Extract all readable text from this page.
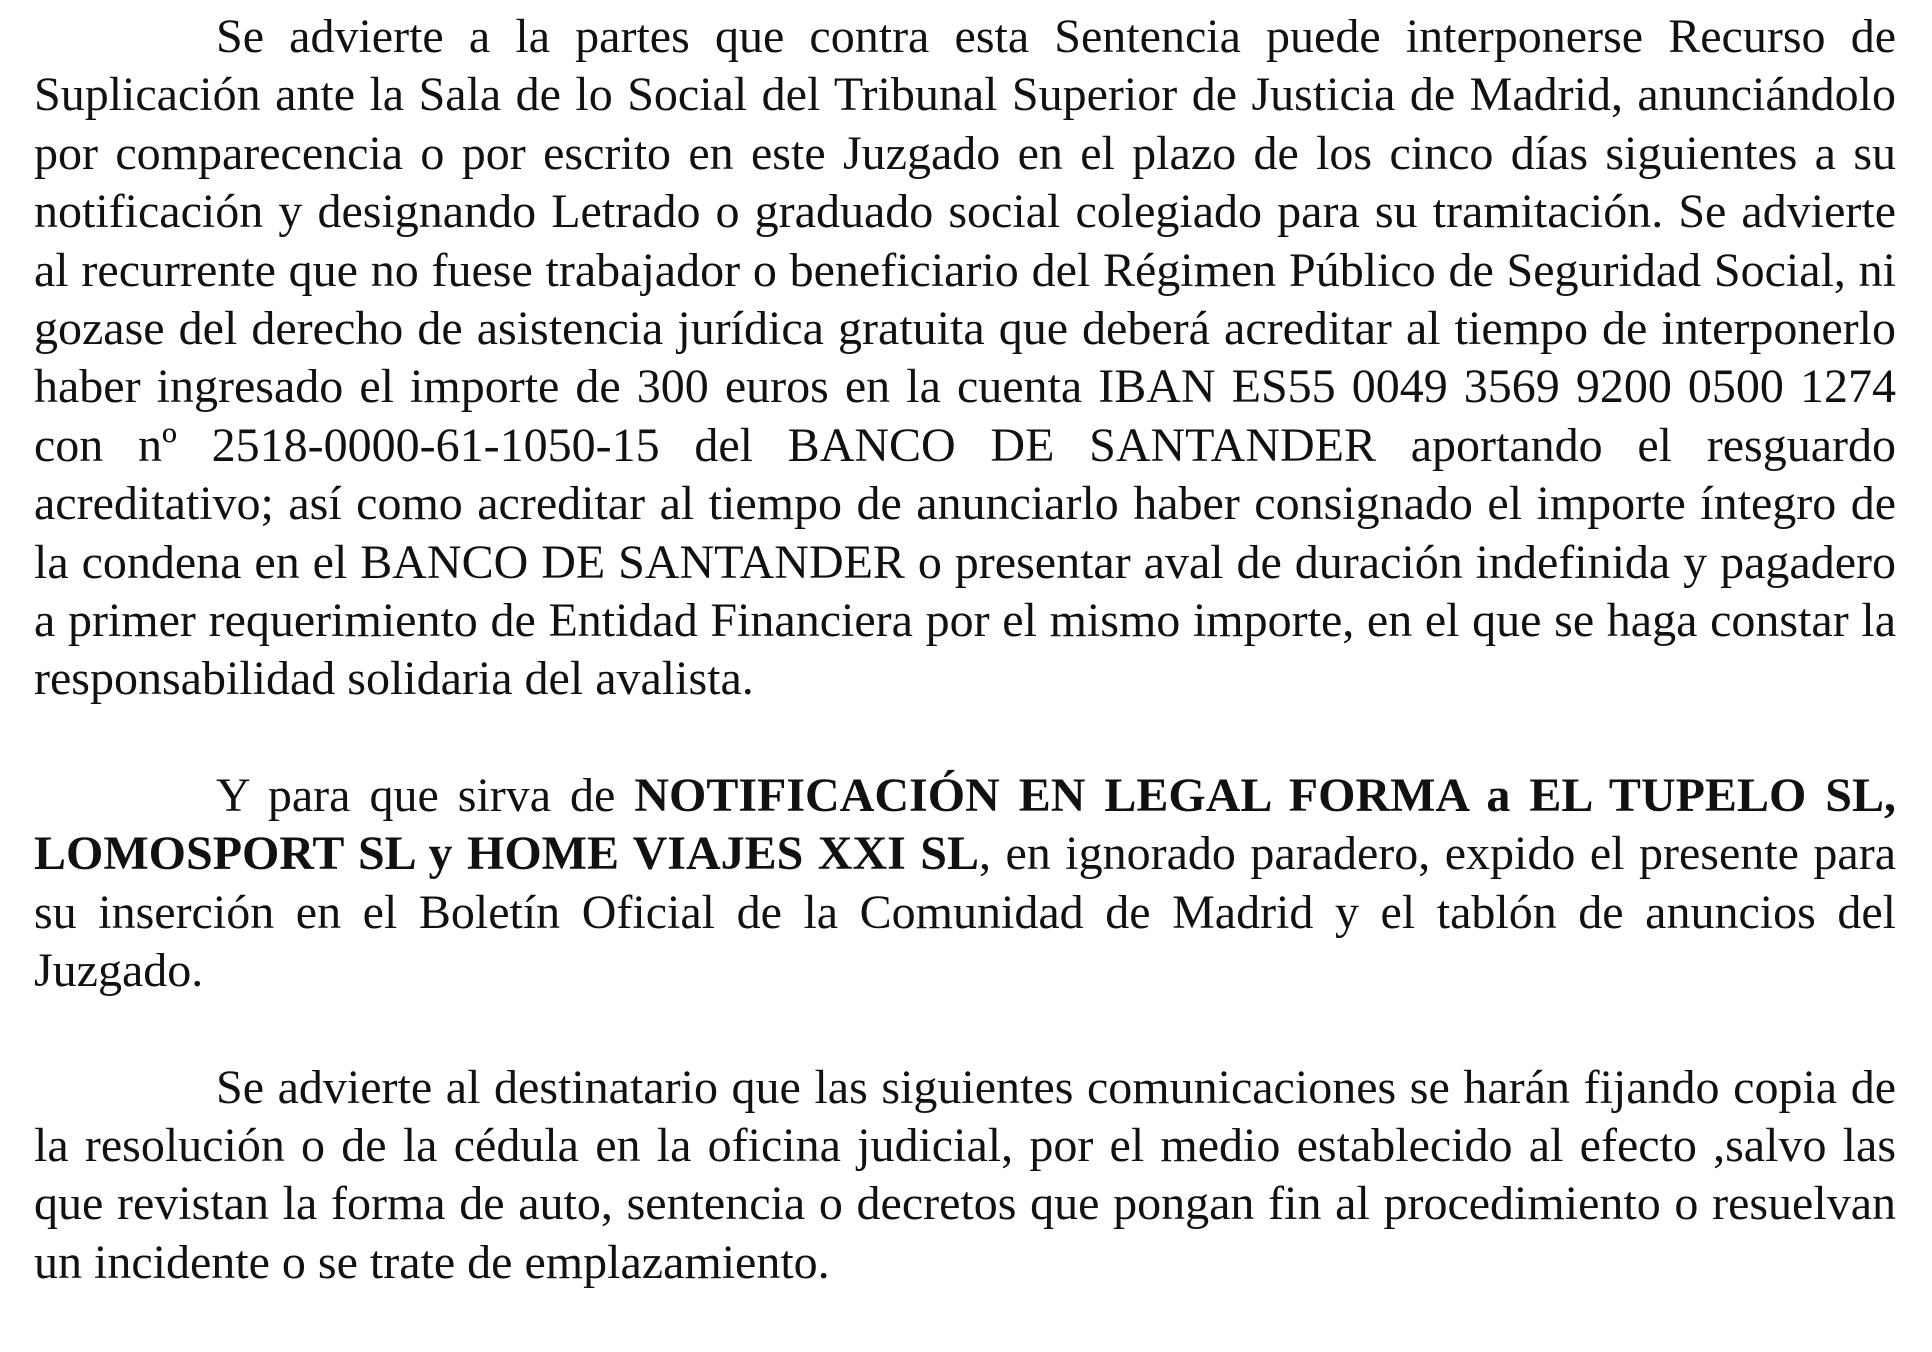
Se advierte a la partes que contra esta Sentencia puede interponerse Recurso de Suplicación ante la Sala de lo Social del Tribunal Superior de Justicia de Madrid, anunciándolo por comparecencia o por escrito en este Juzgado en el plazo de los cinco días siguientes a su notificación y designando Letrado o graduado social colegiado para su tramitación. Se advierte al recurrente que no fuese trabajador o beneficiario del Régimen Público de Seguridad Social, ni gozase del derecho de asistencia jurídica gratuita que deberá acreditar al tiempo de interponerlo haber ingresado el importe de 300 euros en la cuenta IBAN ES55 0049 3569 9200 0500 1274 con nº 2518-0000-61-1050-15 del BANCO DE SANTANDER aportando el resguardo acreditativo; así como acreditar al tiempo de anunciarlo haber consignado el importe íntegro de la condena en el BANCO DE SANTANDER o presentar aval de duración indefinida y pagadero a primer requerimiento de Entidad Financiera por el mismo importe, en el que se haga constar la responsabilidad solidaria del avalista.

Y para que sirva de NOTIFICACIÓN EN LEGAL FORMA a EL TUPELO SL, LOMOSPORT SL y HOME VIAJES XXI SL, en ignorado paradero, expido el presente para su inserción en el Boletín Oficial de la Comunidad de Madrid y el tablón de anuncios del Juzgado.

Se advierte al destinatario que las siguientes comunicaciones se harán fijando copia de la resolución o de la cédula en la oficina judicial, por el medio establecido al efecto ,salvo las que revistan la forma de auto, sentencia o decretos que pongan fin al procedimiento o resuelvan un incidente o se trate de emplazamiento.
